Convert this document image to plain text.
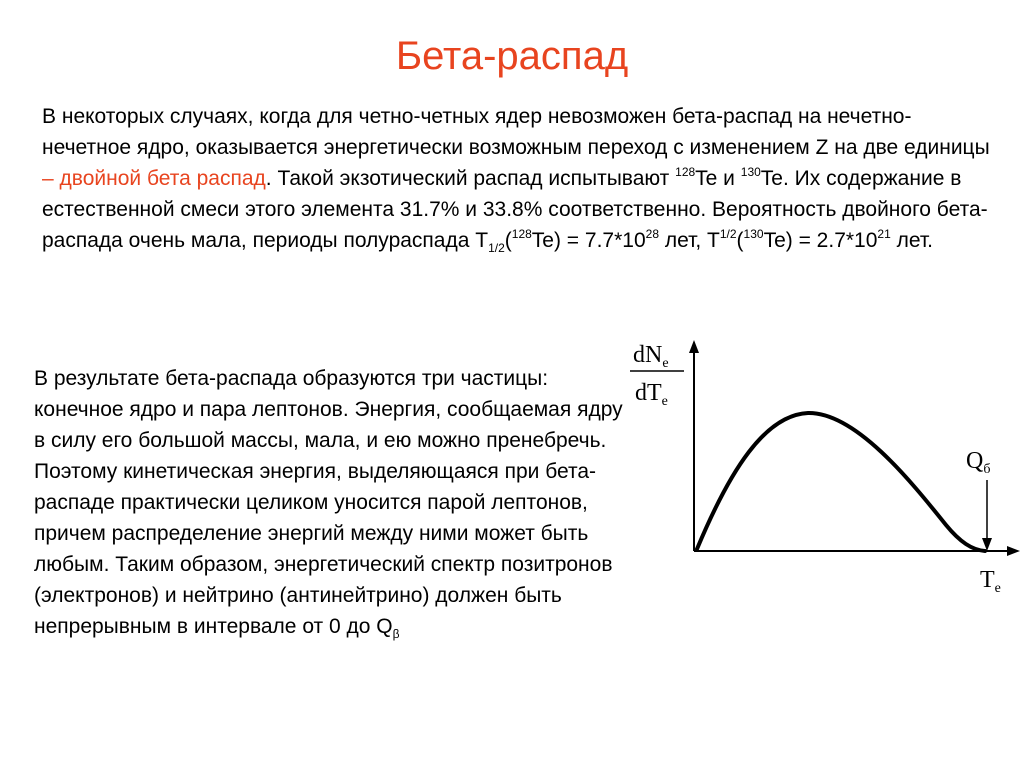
Бета-распад
В некоторых случаях, когда для четно-четных ядер невозможен бета-распад на нечетно-нечетное ядро, оказывается энергетически возможным переход с изменением Z на две единицы – двойной бета распад. Такой экзотический распад испытывают $^{128}$Te и $^{130}$Te. Их содержание в естественной смеси этого элемента 31.7% и 33.8% соответственно. Вероятность двойного бета-распада очень мала, периоды полураспада $T_{1/2}(^{128}Te) = 7.7*10^{28}$ лет, $T^{1/2}(^{130}Te) = 2.7*10^{21}$ лет.
В результате бета-распада образуются три частицы: конечное ядро и пара лептонов. Энергия, сообщаемая ядру в силу его большой массы, мала, и ею можно пренебречь. Поэтому кинетическая энергия, выделяющаяся при бета-распаде практически целиком уносится парой лептонов, причем распределение энергий между ними может быть любым. Таким образом, энергетический спектр позитронов (электронов) и нейтрино (антинейтрино) должен быть непрерывным в интервале от 0 до $Q_\beta$
$dN_e$
$dT_e$
$Q_б$
$T_e$
